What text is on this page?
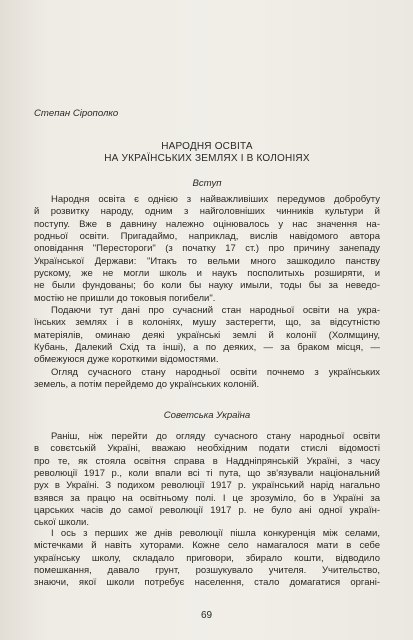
Степан Сірополко

НАРОДНЯ ОСВІТА

НА УКРАЇНСЬКИХ ЗЕМЛЯХ І В КОЛОНІЯХ

Вступ

Народня освіта є однією з найважливіших передумов добробуту
й розвитку народу, одним з найголовніших чинників культури й
поступу. Вже в давнину належно оцінювалось у нас значення на-
родньої освіти. Пригадаймо, наприклад, вислів навідомого автора
оповідання "Перестороги" (з початку 17 ст.) про причину занепаду
Української Держави: "Итакъ то вельми много зашкодило панству
рускому, же не могли школь и наукъ посполитыхь розширяти, и
не были фундованы; бо коли бы науку имыли, тоды бы за неведо-
мостію не пришли до токовыя погибели".
Подаючи тут дані про сучасний стан народньої освіти на укра-
їнських землях і в колоніях, мушу застерегти, що, за відсутністю
матеріялів, оминаю деякі українські землі й колонії (Холмщину,
Кубань, Далекий Схід та інші), а по деяких, — за браком місця, —
обмежуюся дуже короткими відомостями.
Огляд сучасного стану народньої освіти почнемо з українських
земель, а потім перейдемо до українських колоній.

Советська Україна

Раніш, ніж перейти до огляду сучасного стану народньої освіти
в совєтській Україні, вважаю необхідним подати стислі відомості
про те, як стояла освітня справа в Наддніпрянській Україні, з часу
революції 1917 р., коли впали всі ті пута, що зв'язували національний
рух в Україні. З подихом революції 1917 р. український нарід нагально
взявся за працю на освітньому полі. І це зрозуміло, бо в Україні за
царських часів до самої революції 1917 р. не було ані одної україн-
ської школи.
І ось з перших же днів революції пішла конкуренція між селами,
містечками й навіть хуторами. Кожне село намагалося мати в себе
українську школу, складало приговори, збирало кошти, відводило
помешкання, давало грунт, розшукувало учителя. Учительство,
знаючи, якої школи потребує населення, стало домагатися органі-

69
